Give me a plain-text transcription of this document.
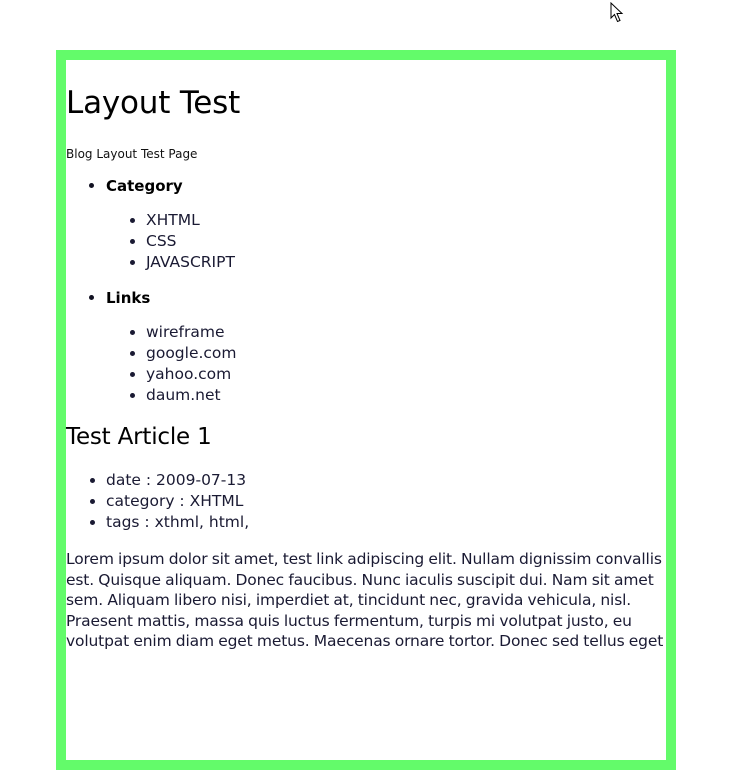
Layout Test

Blog Layout Test Page

• Category
• XHTML
• CSS
• JAVASCRIPT
• Links
• wireframe
• google.com
• yahoo.com
• daum.net
Test Article 1
• date : 2009-07-13
• category : XHTML
• tags : xthml, html,

Lorem ipsum dolor sit amet, test link adipiscing elit. Nullam dignissim convallis est. Quisque aliquam. Donec faucibus. Nunc iaculis suscipit dui. Nam sit amet sem. Aliquam libero nisi, imperdiet at, tincidunt nec, gravida vehicula, nisl. Praesent mattis, massa quis luctus fermentum, turpis mi volutpat justo, eu volutpat enim diam eget metus. Maecenas ornare tortor. Donec sed tellus eget
